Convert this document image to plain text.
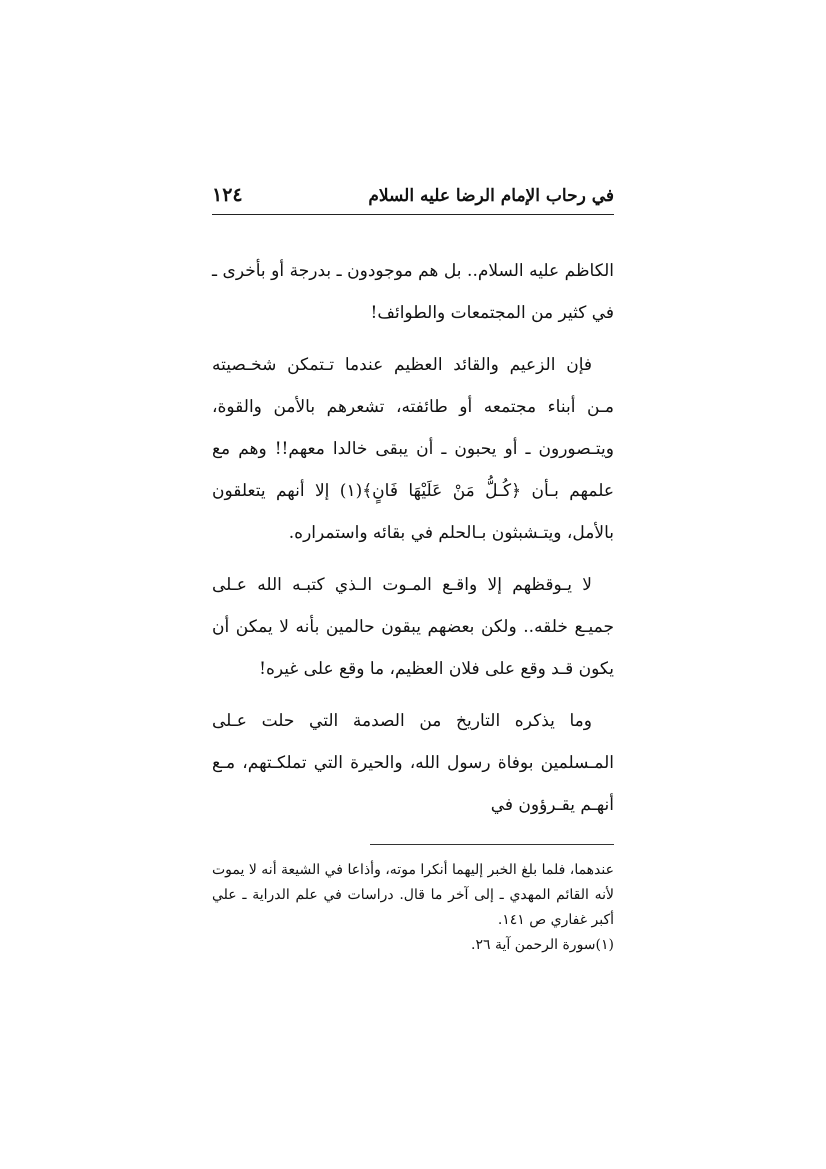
في رحاب الإمام الرضا عليه السلام
١٢٤

الكاظم عليه السلام.. بل هم موجودون ـ بدرجة أو بأخرى ـ في كثير من المجتمعات والطوائف!

فإن الزعيم والقائد العظيم عندما تـتمكن شخـصيته مـن أبناء مجتمعه أو طائفته، تشعرهم بالأمن والقوة، ويتـصورون ـ أو يحبون ـ أن يبقى خالدا معهم!! وهم مع علمهم بـأن ﴿كُـلُّ مَنْ عَلَيْهَا فَانٍ﴾(١) إلا أنهم يتعلقون بالأمل، ويتـشبثون بـالحلم في بقائه واستمراره.

لا يـوقظهم إلا واقـع المـوت الـذي كتبـه الله عـلى جميـع خلقه.. ولكن بعضهم يبقون حالمين بأنه لا يمكن أن يكون قـد وقع على فلان العظيم، ما وقع على غيره!

وما يذكره التاريخ من الصدمة التي حلت عـلى المـسلمين بوفاة رسول الله، والحيرة التي تملكـتهم، مـع أنهـم يقـرؤون في

عندهما، فلما بلغ الخبر إليهما أنكرا موته، وأذاعا في الشيعة أنه لا يموت لأنه القائم المهدي ـ إلى آخر ما قال. دراسات في علم الدراية ـ علي أكبر غفاري ص ١٤١.

(١)سورة الرحمن آية ٢٦.
